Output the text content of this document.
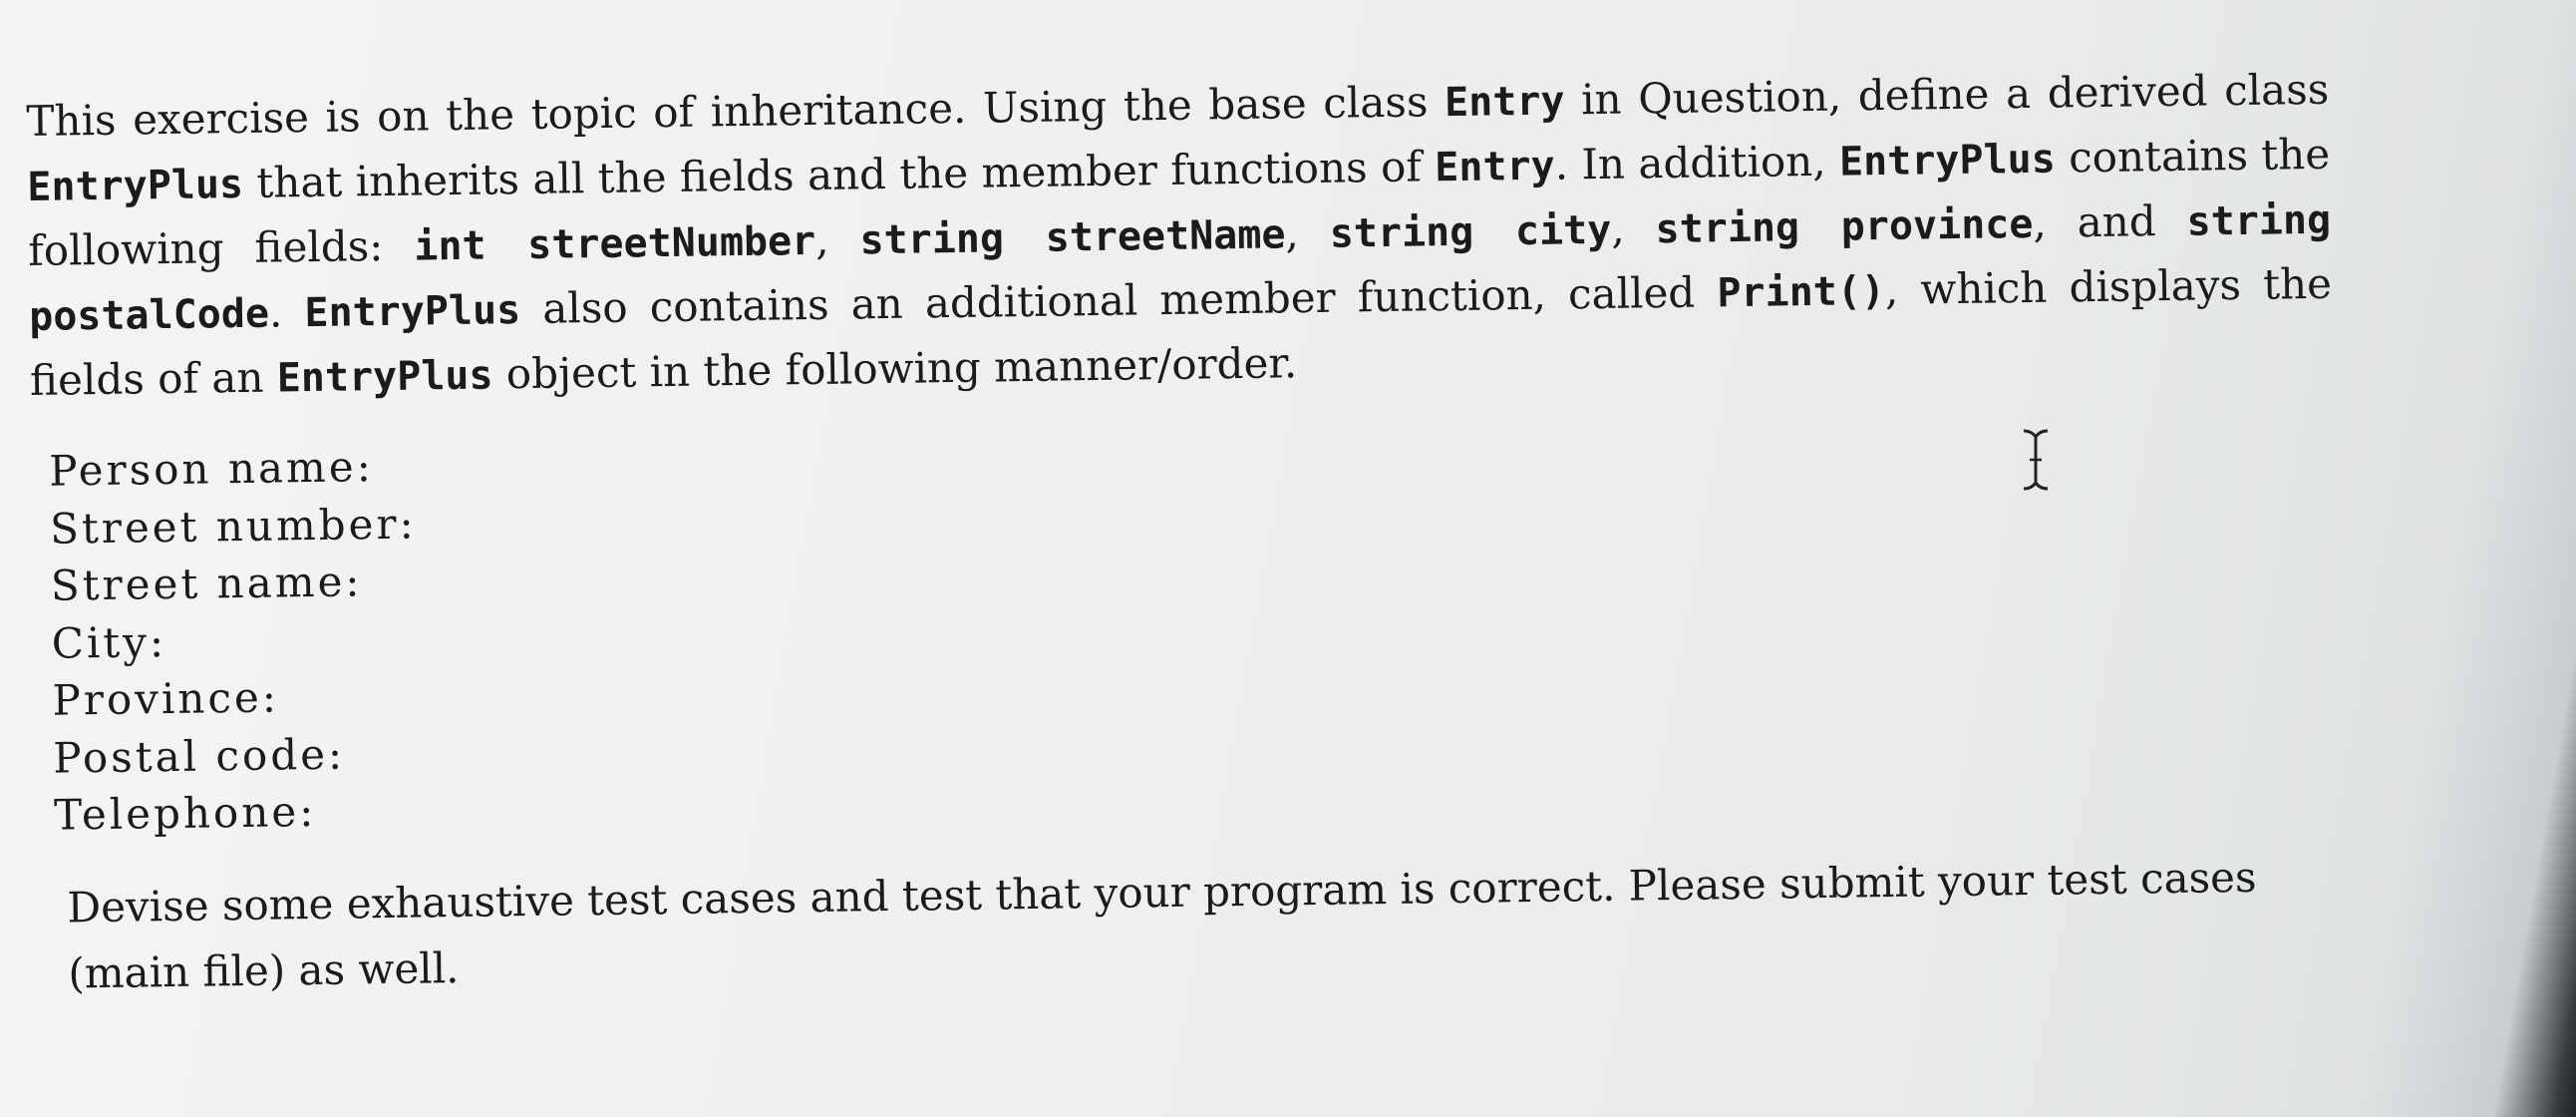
This exercise is on the topic of inheritance. Using the base class Entry in Question, define a derived class EntryPlus that inherits all the fields and the member functions of Entry. In addition, EntryPlus contains the following fields: int streetNumber, string streetName, string city, string province, and string postalCode. EntryPlus also contains an additional member function, called Print(), which displays the fields of an EntryPlus object in the following manner/order.

Person name:
Street number:
Street name:
City:
Province:
Postal code:
Telephone:

Devise some exhaustive test cases and test that your program is correct. Please submit your test cases (main file) as well.
